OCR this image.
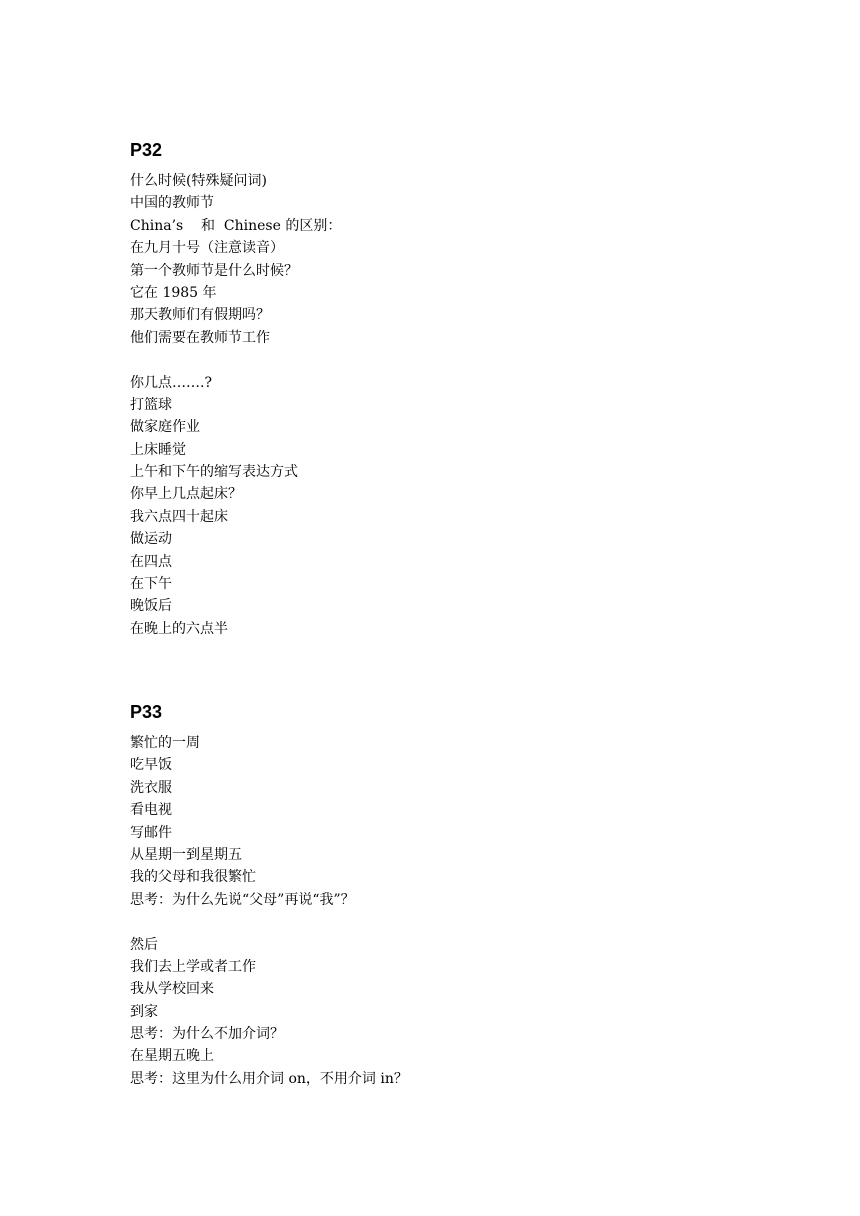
P32
什么时候(特殊疑问词)
中国的教师节
China’s    和  Chinese 的区别：
在九月十号（注意读音）
第一个教师节是什么时候？
它在 1985 年
那天教师们有假期吗？
他们需要在教师节工作
你几点…….?
打篮球
做家庭作业
上床睡觉
上午和下午的缩写表达方式
你早上几点起床？
我六点四十起床
做运动
在四点
在下午
晚饭后
在晚上的六点半
P33
繁忙的一周
吃早饭
洗衣服
看电视
写邮件
从星期一到星期五
我的父母和我很繁忙
思考：为什么先说“父母”再说“我”？
然后
我们去上学或者工作
我从学校回来
到家
思考：为什么不加介词？
在星期五晚上
思考：这里为什么用介词 on，不用介词 in？
